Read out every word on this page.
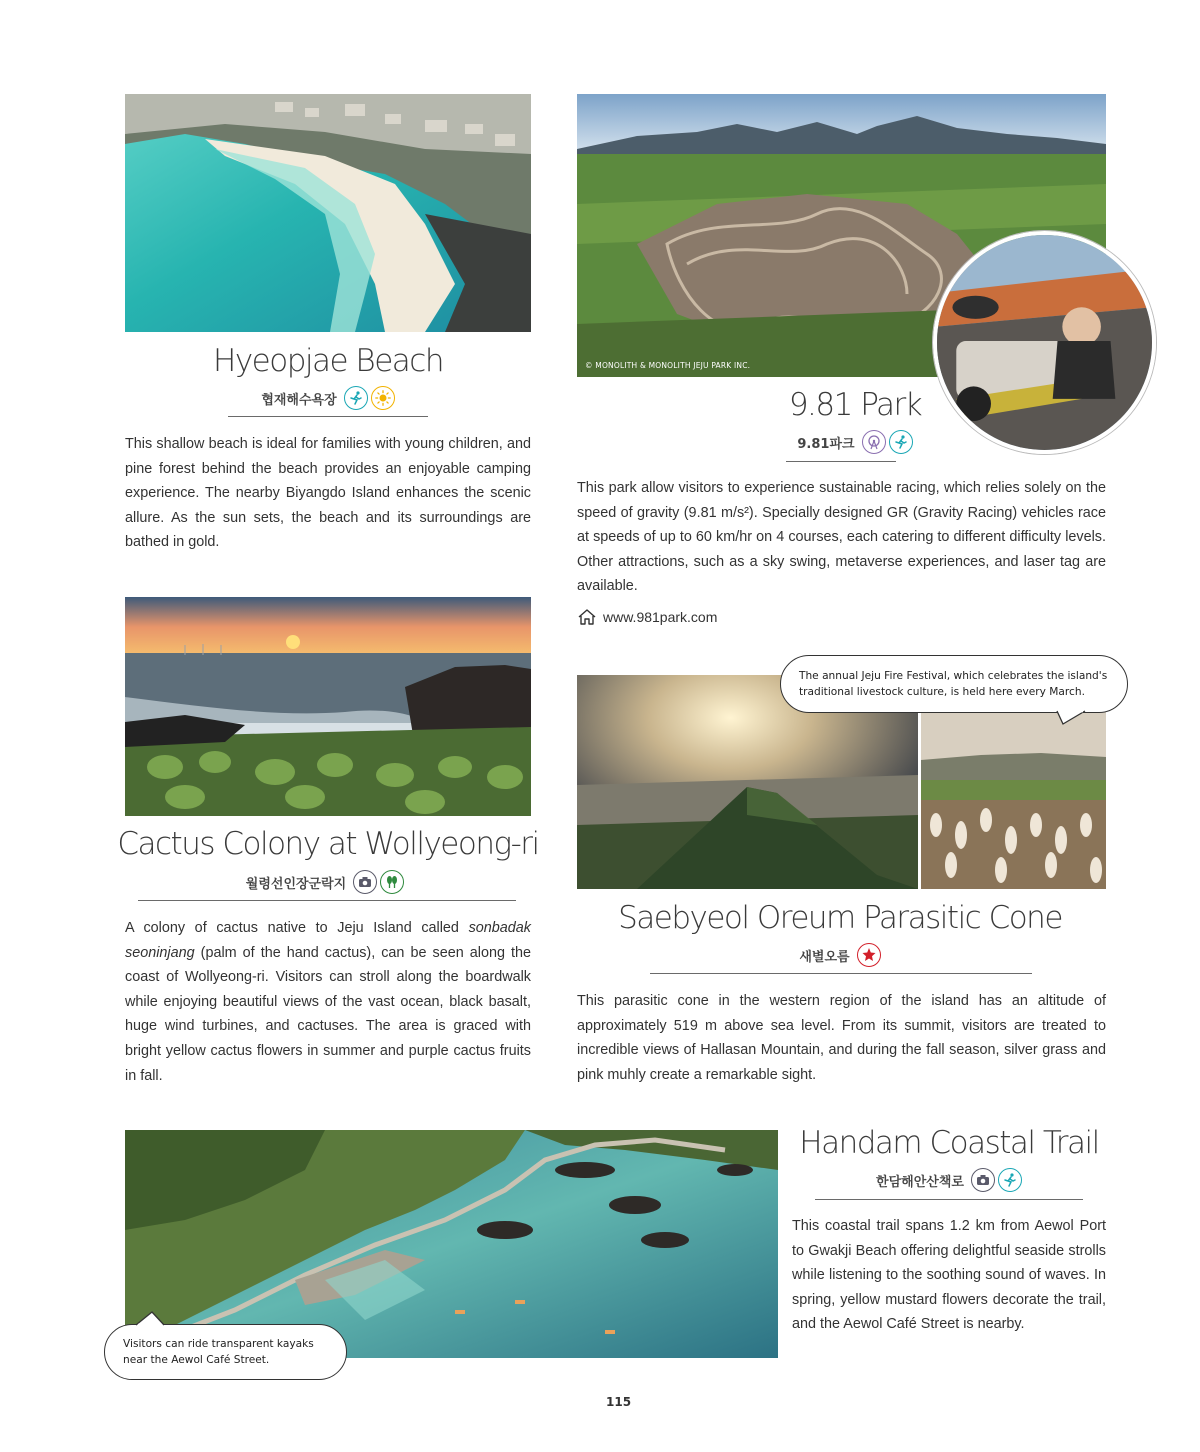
Hyeopjae Beach
협재해수욕장
This shallow beach is ideal for families with young children, and pine forest behind the beach provides an enjoyable camping experience. The nearby Biyangdo Island enhances the scenic allure. As the sun sets, the beach and its surroundings are bathed in gold.
© MONOLITH & MONOLITH JEJU PARK INC.
9.81 Park
9.81파크
This park allow visitors to experience sustainable racing, which relies solely on the speed of gravity (9.81 m/s²). Specially designed GR (Gravity Racing) vehicles race at speeds of up to 60 km/hr on 4 courses, each catering to different difficulty levels. Other attractions, such as a sky swing, metaverse experiences, and laser tag are available.
www.981park.com
Cactus Colony at Wollyeong-ri
월령선인장군락지
A colony of cactus native to Jeju Island called sonbadak seoninjang (palm of the hand cactus), can be seen along the coast of Wollyeong-ri. Visitors can stroll along the boardwalk while enjoying beautiful views of the vast ocean, black basalt, huge wind turbines, and cactuses. The area is graced with bright yellow cactus flowers in summer and purple cactus fruits in fall.
The annual Jeju Fire Festival, which celebrates the island's traditional livestock culture, is held here every March.
Saebyeol Oreum Parasitic Cone
새별오름
This parasitic cone in the western region of the island has an altitude of approximately 519 m above sea level. From its summit, visitors are treated to incredible views of Hallasan Mountain, and during the fall season, silver grass and pink muhly create a remarkable sight.
Visitors can ride transparent kayaks near the Aewol Café Street.
Handam Coastal Trail
한담해안산책로
This coastal trail spans 1.2 km from Aewol Port to Gwakji Beach offering delightful seaside strolls while listening to the soothing sound of waves. In spring, yellow mustard flowers decorate the trail, and the Aewol Café Street is nearby.
115
